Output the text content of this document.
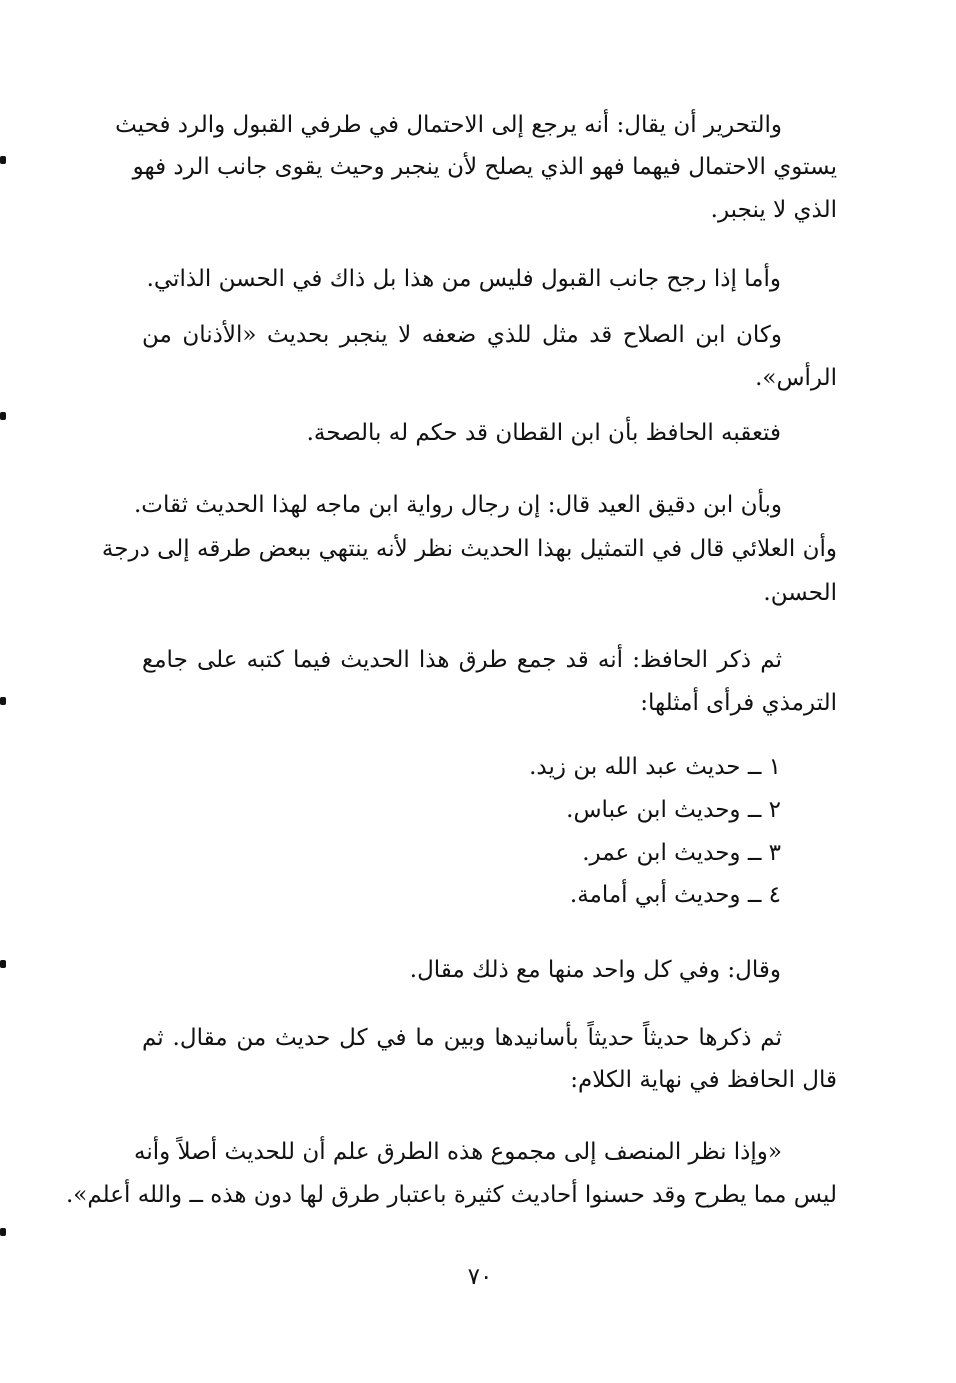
والتحرير أن يقال: أنه يرجع إلى الاحتمال في طرفي القبول والرد فحيث

يستوي الاحتمال فيهما فهو الذي يصلح لأن ينجبر وحيث يقوى جانب الرد فهو

الذي لا ينجبر.

وأما إذا رجح جانب القبول فليس من هذا بل ذاك في الحسن الذاتي.

وكان ابن الصلاح قد مثل للذي ضعفه لا ينجبر بحديث «الأذنان من

الرأس».

فتعقبه الحافظ بأن ابن القطان قد حكم له بالصحة.

وبأن ابن دقيق العيد قال: إن رجال رواية ابن ماجه لهذا الحديث ثقات.

وأن العلائي قال في التمثيل بهذا الحديث نظر لأنه ينتهي ببعض طرقه إلى درجة

الحسن.

ثم ذكر الحافظ: أنه قد جمع طرق هذا الحديث فيما كتبه على جامع

الترمذي فرأى أمثلها:

١ ــ حديث عبد الله بن زيد.

٢ ــ وحديث ابن عباس.

٣ ــ وحديث ابن عمر.

٤ ــ وحديث أبي أمامة.

وقال: وفي كل واحد منها مع ذلك مقال.

ثم ذكرها حديثاً حديثاً بأسانيدها وبين ما في كل حديث من مقال. ثم

قال الحافظ في نهاية الكلام:

«وإذا نظر المنصف إلى مجموع هذه الطرق علم أن للحديث أصلاً وأنه

ليس مما يطرح وقد حسنوا أحاديث كثيرة باعتبار طرق لها دون هذه ــ والله أعلم».

٧٠
